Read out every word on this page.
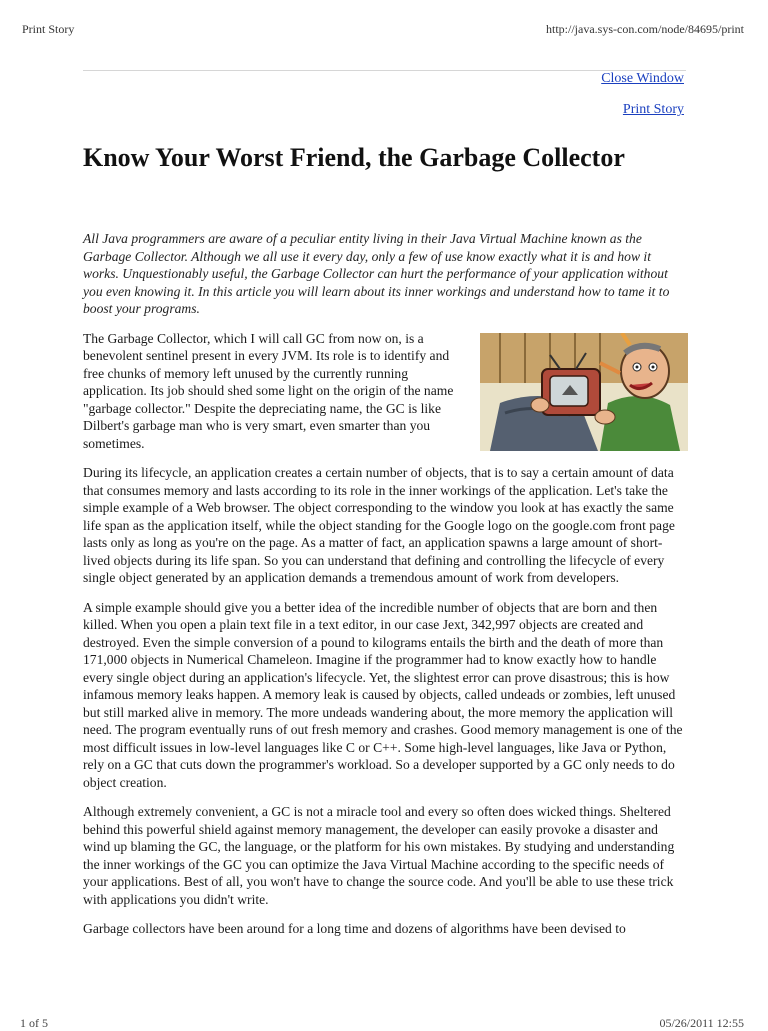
Print Story	http://java.sys-con.com/node/84695/print
Close Window
Print Story
Know Your Worst Friend, the Garbage Collector

All Java programmers are aware of a peculiar entity living in their Java Virtual Machine known as the Garbage Collector. Although we all use it every day, only a few of use know exactly what it is and how it works. Unquestionably useful, the Garbage Collector can hurt the performance of your application without you even knowing it. In this article you will learn about its inner workings and understand how to tame it to boost your programs.

The Garbage Collector, which I will call GC from now on, is a benevolent sentinel present in every JVM. Its role is to identify and free chunks of memory left unused by the currently running application. Its job should shed some light on the origin of the name "garbage collector." Despite the depreciating name, the GC is like Dilbert's garbage man who is very smart, even smarter than you sometimes.

During its lifecycle, an application creates a certain number of objects, that is to say a certain amount of data that consumes memory and lasts according to its role in the inner workings of the application. Let's take the simple example of a Web browser. The object corresponding to the window you look at has exactly the same life span as the application itself, while the object standing for the Google logo on the google.com front page lasts only as long as you're on the page. As a matter of fact, an application spawns a large amount of short-lived objects during its life span. So you can understand that defining and controlling the lifecycle of every single object generated by an application demands a tremendous amount of work from developers.

A simple example should give you a better idea of the incredible number of objects that are born and then killed. When you open a plain text file in a text editor, in our case Jext, 342,997 objects are created and destroyed. Even the simple conversion of a pound to kilograms entails the birth and the death of more than 171,000 objects in Numerical Chameleon. Imagine if the programmer had to know exactly how to handle every single object during an application's lifecycle. Yet, the slightest error can prove disastrous; this is how infamous memory leaks happen. A memory leak is caused by objects, called undeads or zombies, left unused but still marked alive in memory. The more undeads wandering about, the more memory the application will need. The program eventually runs of out fresh memory and crashes. Good memory management is one of the most difficult issues in low-level languages like C or C++. Some high-level languages, like Java or Python, rely on a GC that cuts down the programmer's workload. So a developer supported by a GC only needs to do object creation.

Although extremely convenient, a GC is not a miracle tool and every so often does wicked things. Sheltered behind this powerful shield against memory management, the developer can easily provoke a disaster and wind up blaming the GC, the language, or the platform for his own mistakes. By studying and understanding the inner workings of the GC you can optimize the Java Virtual Machine according to the specific needs of your applications. Best of all, you won't have to change the source code. And you'll be able to use these trick with applications you didn't write.

Garbage collectors have been around for a long time and dozens of algorithms have been devised to

1 of 5	05/26/2011 12:55
